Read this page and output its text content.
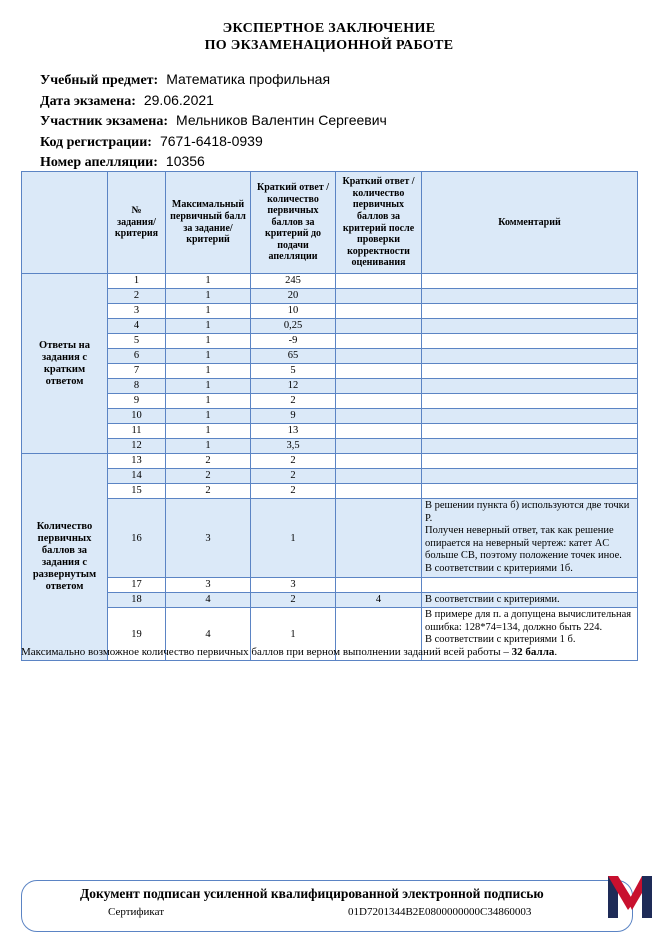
ЭКСПЕРТНОЕ ЗАКЛЮЧЕНИЕ
ПО ЭКЗАМЕНАЦИОННОЙ РАБОТЕ
Учебный предмет: Математика профильная
Дата экзамена: 29.06.2021
Участник экзамена: Мельников Валентин Сергеевич
Код регистрации: 7671-6418-0939
Номер апелляции: 10356
	№ задания/ критерия	Максимальный первичный балл за задание/ критерий	Краткий ответ / количество первичных баллов за критерий до подачи апелляции	Краткий ответ / количество первичных баллов за критерий после проверки корректности оценивания	Комментарий
Ответы на задания с кратким ответом	1	1	245		
	2	1	20		
	3	1	10		
	4	1	0,25		
	5	1	-9		
	6	1	65		
	7	1	5		
	8	1	12		
	9	1	2		
	10	1	9		
	11	1	13		
	12	1	3,5		
Количество первичных баллов за задания с развернутым ответом	13	2	2		
	14	2	2		
	15	2	2		
	16	3	1		В решении пункта б) используются две точки P.
Получен неверный ответ, так как решение опирается на неверный чертеж: катет AC больше CB, поэтому положение точек иное.
В соответствии с критериями 1б.
	17	3	3		
	18	4	2	4	В соответствии с критериями.
	19	4	1		В примере для п. а допущена вычислительная ошибка: 128*74=134, должно быть 224.
В соответствии с критериями 1 б.
Максимально возможное количество первичных баллов при верном выполнении заданий всей работы – 32 балла.
Документ подписан усиленной квалифицированной электронной подписью
Сертификат	01D7201344B2E0800000000C34860003
